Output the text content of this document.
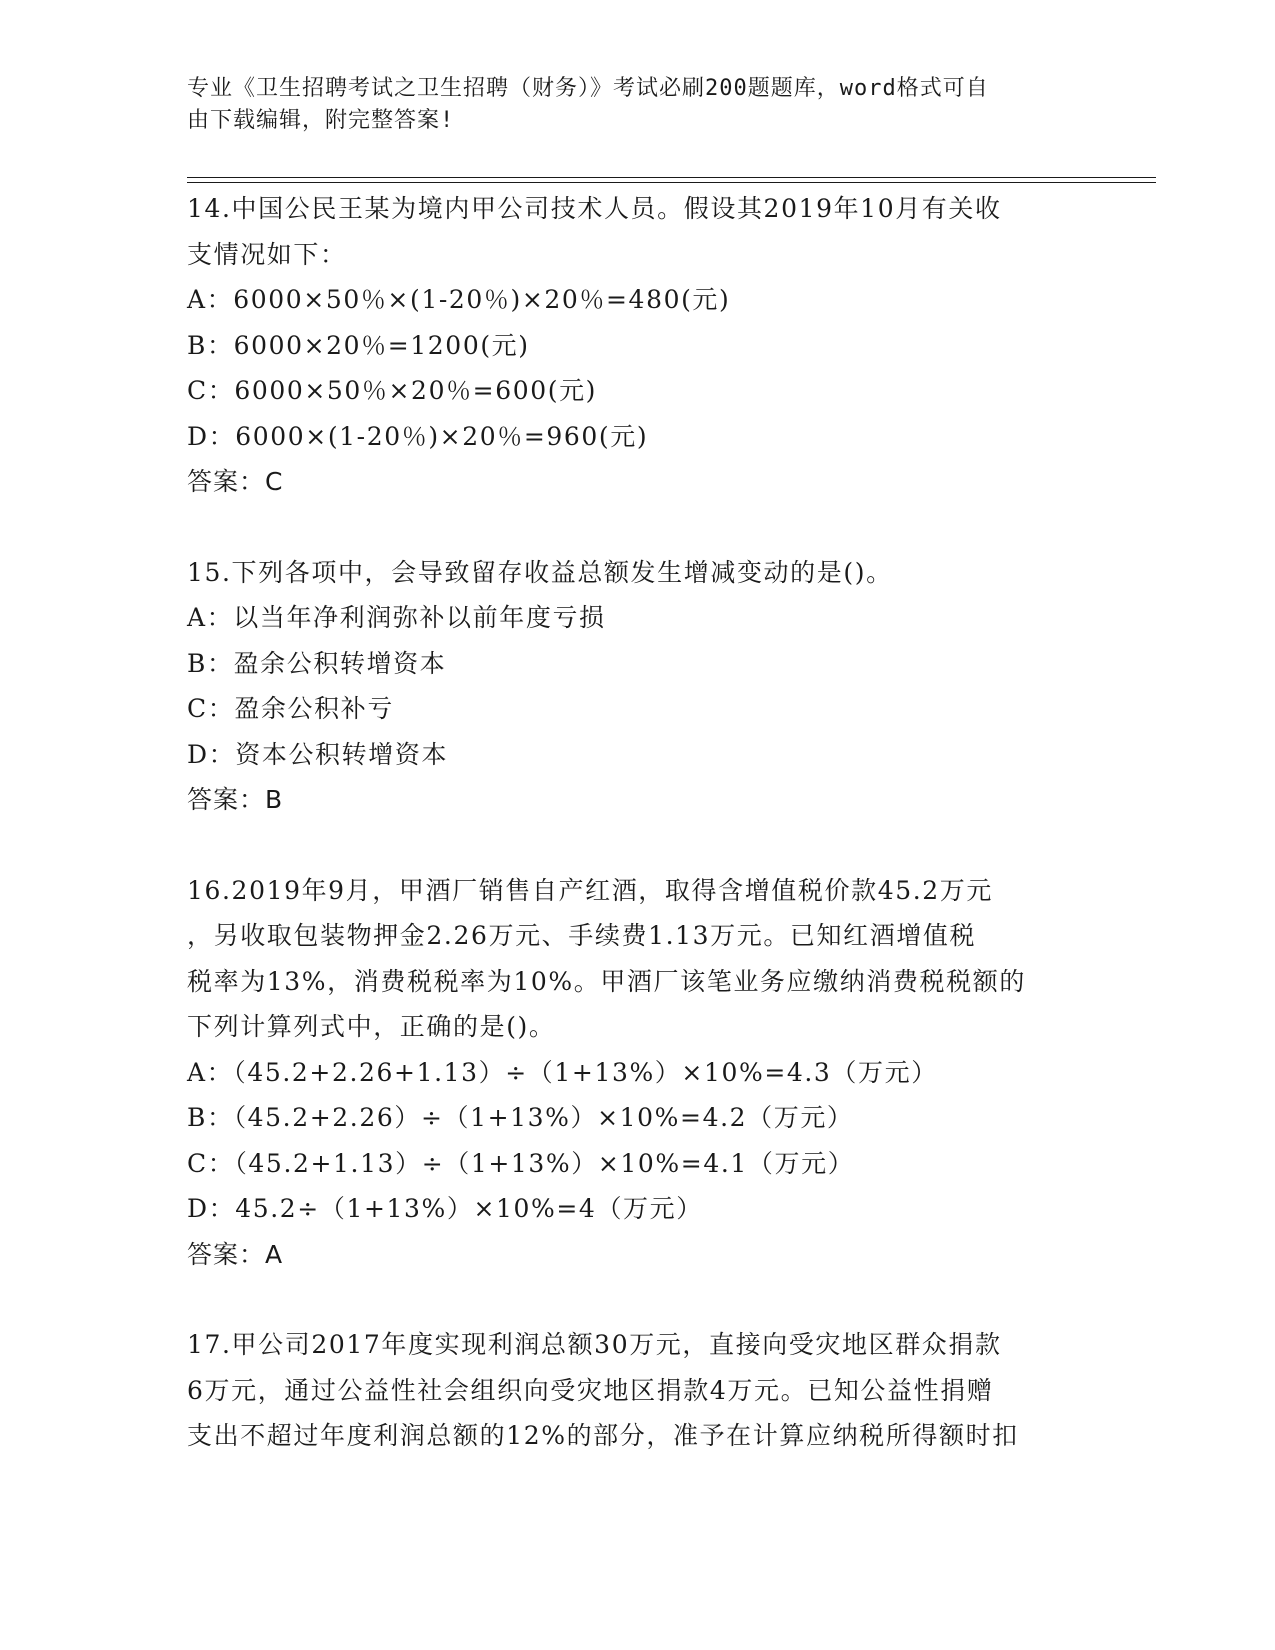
专业《卫生招聘考试之卫生招聘（财务）》考试必刷200题题库，word格式可自
由下载编辑，附完整答案!
14.中国公民王某为境内甲公司技术人员。假设其2019年10月有关收
支情况如下：
A：6000×50％×(1-20％)×20％=480(元)
B：6000×20％=1200(元)
C：6000×50％×20％=600(元)
D：6000×(1-20％)×20％=960(元)
答案：C
15.下列各项中，会导致留存收益总额发生增减变动的是()。
A：以当年净利润弥补以前年度亏损
B：盈余公积转增资本
C：盈余公积补亏
D：资本公积转增资本
答案：B
16.2019年9月，甲酒厂销售自产红酒，取得含增值税价款45.2万元
，另收取包装物押金2.26万元、手续费1.13万元。已知红酒增值税
税率为13%，消费税税率为10%。甲酒厂该笔业务应缴纳消费税税额的
下列计算列式中，正确的是()。
A：（45.2+2.26+1.13）÷（1+13%）×10%=4.3（万元）
B：（45.2+2.26）÷（1+13%）×10%=4.2（万元）
C：（45.2+1.13）÷（1+13%）×10%=4.1（万元）
D：45.2÷（1+13%）×10%=4（万元）
答案：A
17.甲公司2017年度实现利润总额30万元，直接向受灾地区群众捐款
6万元，通过公益性社会组织向受灾地区捐款4万元。已知公益性捐赠
支出不超过年度利润总额的12%的部分，准予在计算应纳税所得额时扣
